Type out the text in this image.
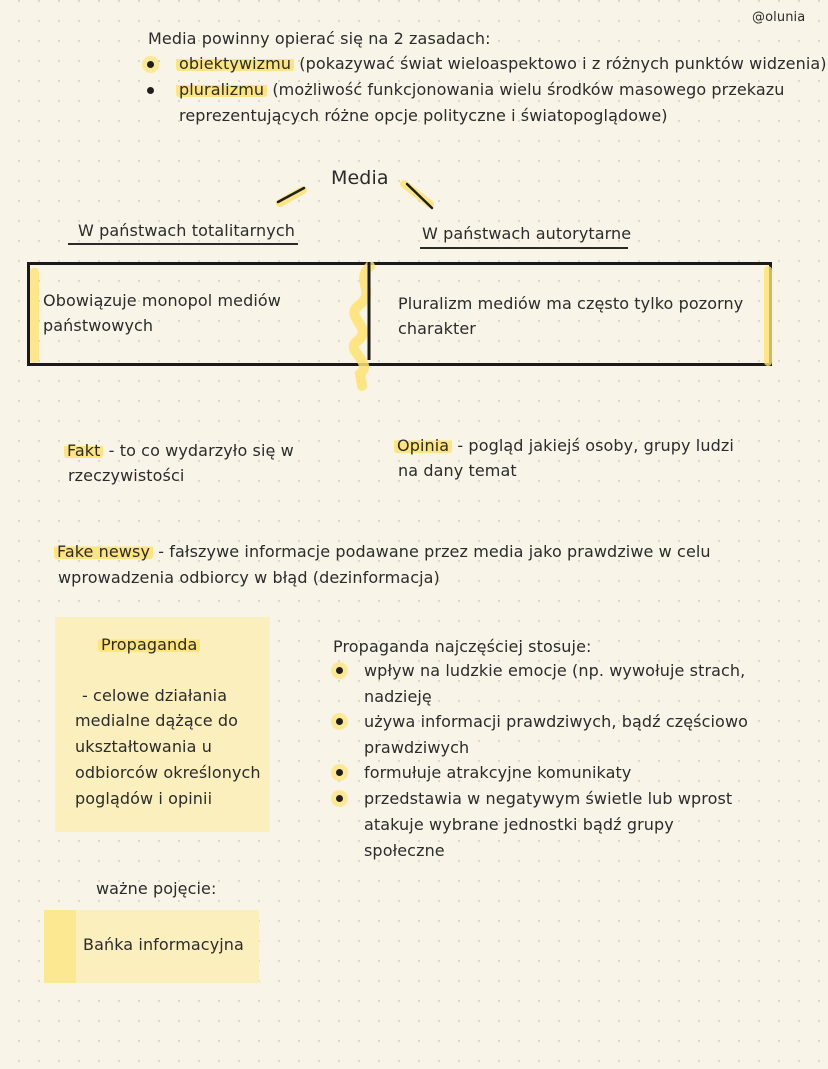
@olunia
Media powinny opierać się na 2 zasadach:
obiektywizmu (pokazywać świat wieloaspektowo i z różnych punktów widzenia)
pluralizmu (możliwość funkcjonowania wielu środków masowego przekazu
reprezentujących różne opcje polityczne i światopoglądowe)
Media
W państwach totalitarnych	W państwach autorytarne
Obowiązuje monopol mediów
państwowych
Pluralizm mediów ma często tylko pozorny
charakter
Fakt - to co wydarzyło się w
rzeczywistości
Opinia - pogląd jakiejś osoby, grupy ludzi
na dany temat
Fake newsy - fałszywe informacje podawane przez media jako prawdziwe w celu
wprowadzenia odbiorcy w błąd (dezinformacja)
Propaganda
- celowe działania
medialne dążące do
ukształtowania u
odbiorców określonych
poglądów i opinii
Propaganda najczęściej stosuje:
wpływ na ludzkie emocje (np. wywołuje strach,
nadzieję
używa informacji prawdziwych, bądź częściowo
prawdziwych
formułuje atrakcyjne komunikaty
przedstawia w negatywym świetle lub wprost
atakuje wybrane jednostki bądź grupy
społeczne
ważne pojęcie:
Bańka informacyjna
